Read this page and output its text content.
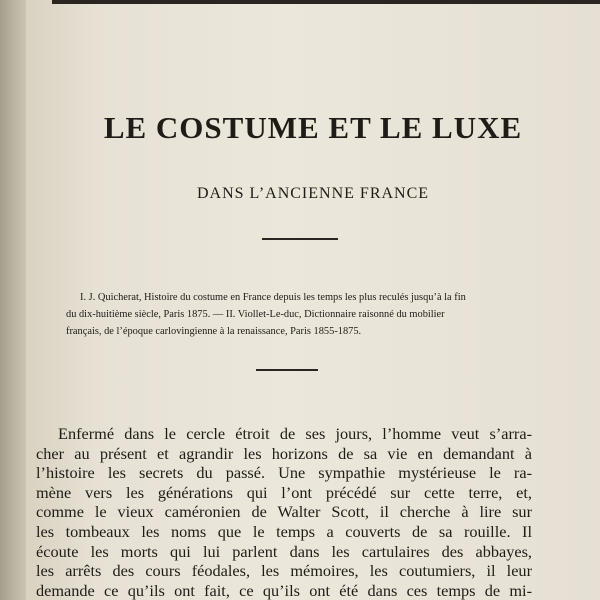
LE COSTUME ET LE LUXE
DANS L’ANCIENNE FRANCE
I. J. Quicherat, Histoire du costume en France depuis les temps les plus reculés jusqu’à la fin
du dix-huitième siècle, Paris 1875. — II. Viollet-Le-duc, Dictionnaire raisonné du mobilier
français, de l’époque carlovingienne à la renaissance, Paris 1855-1875.
Enfermé dans le cercle étroit de ses jours, l’homme veut s’arra-
cher au présent et agrandir les horizons de sa vie en demandant à
l’histoire les secrets du passé. Une sympathie mystérieuse le ra-
mène vers les générations qui l’ont précédé sur cette terre, et,
comme le vieux caméronien de Walter Scott, il cherche à lire sur
les tombeaux les noms que le temps a couverts de sa rouille. Il
écoute les morts qui lui parlent dans les cartulaires des abbayes,
les arrêts des cours féodales, les mémoires, les coutumiers, il leur
demande ce qu’ils ont fait, ce qu’ils ont été dans ces temps de mi-
